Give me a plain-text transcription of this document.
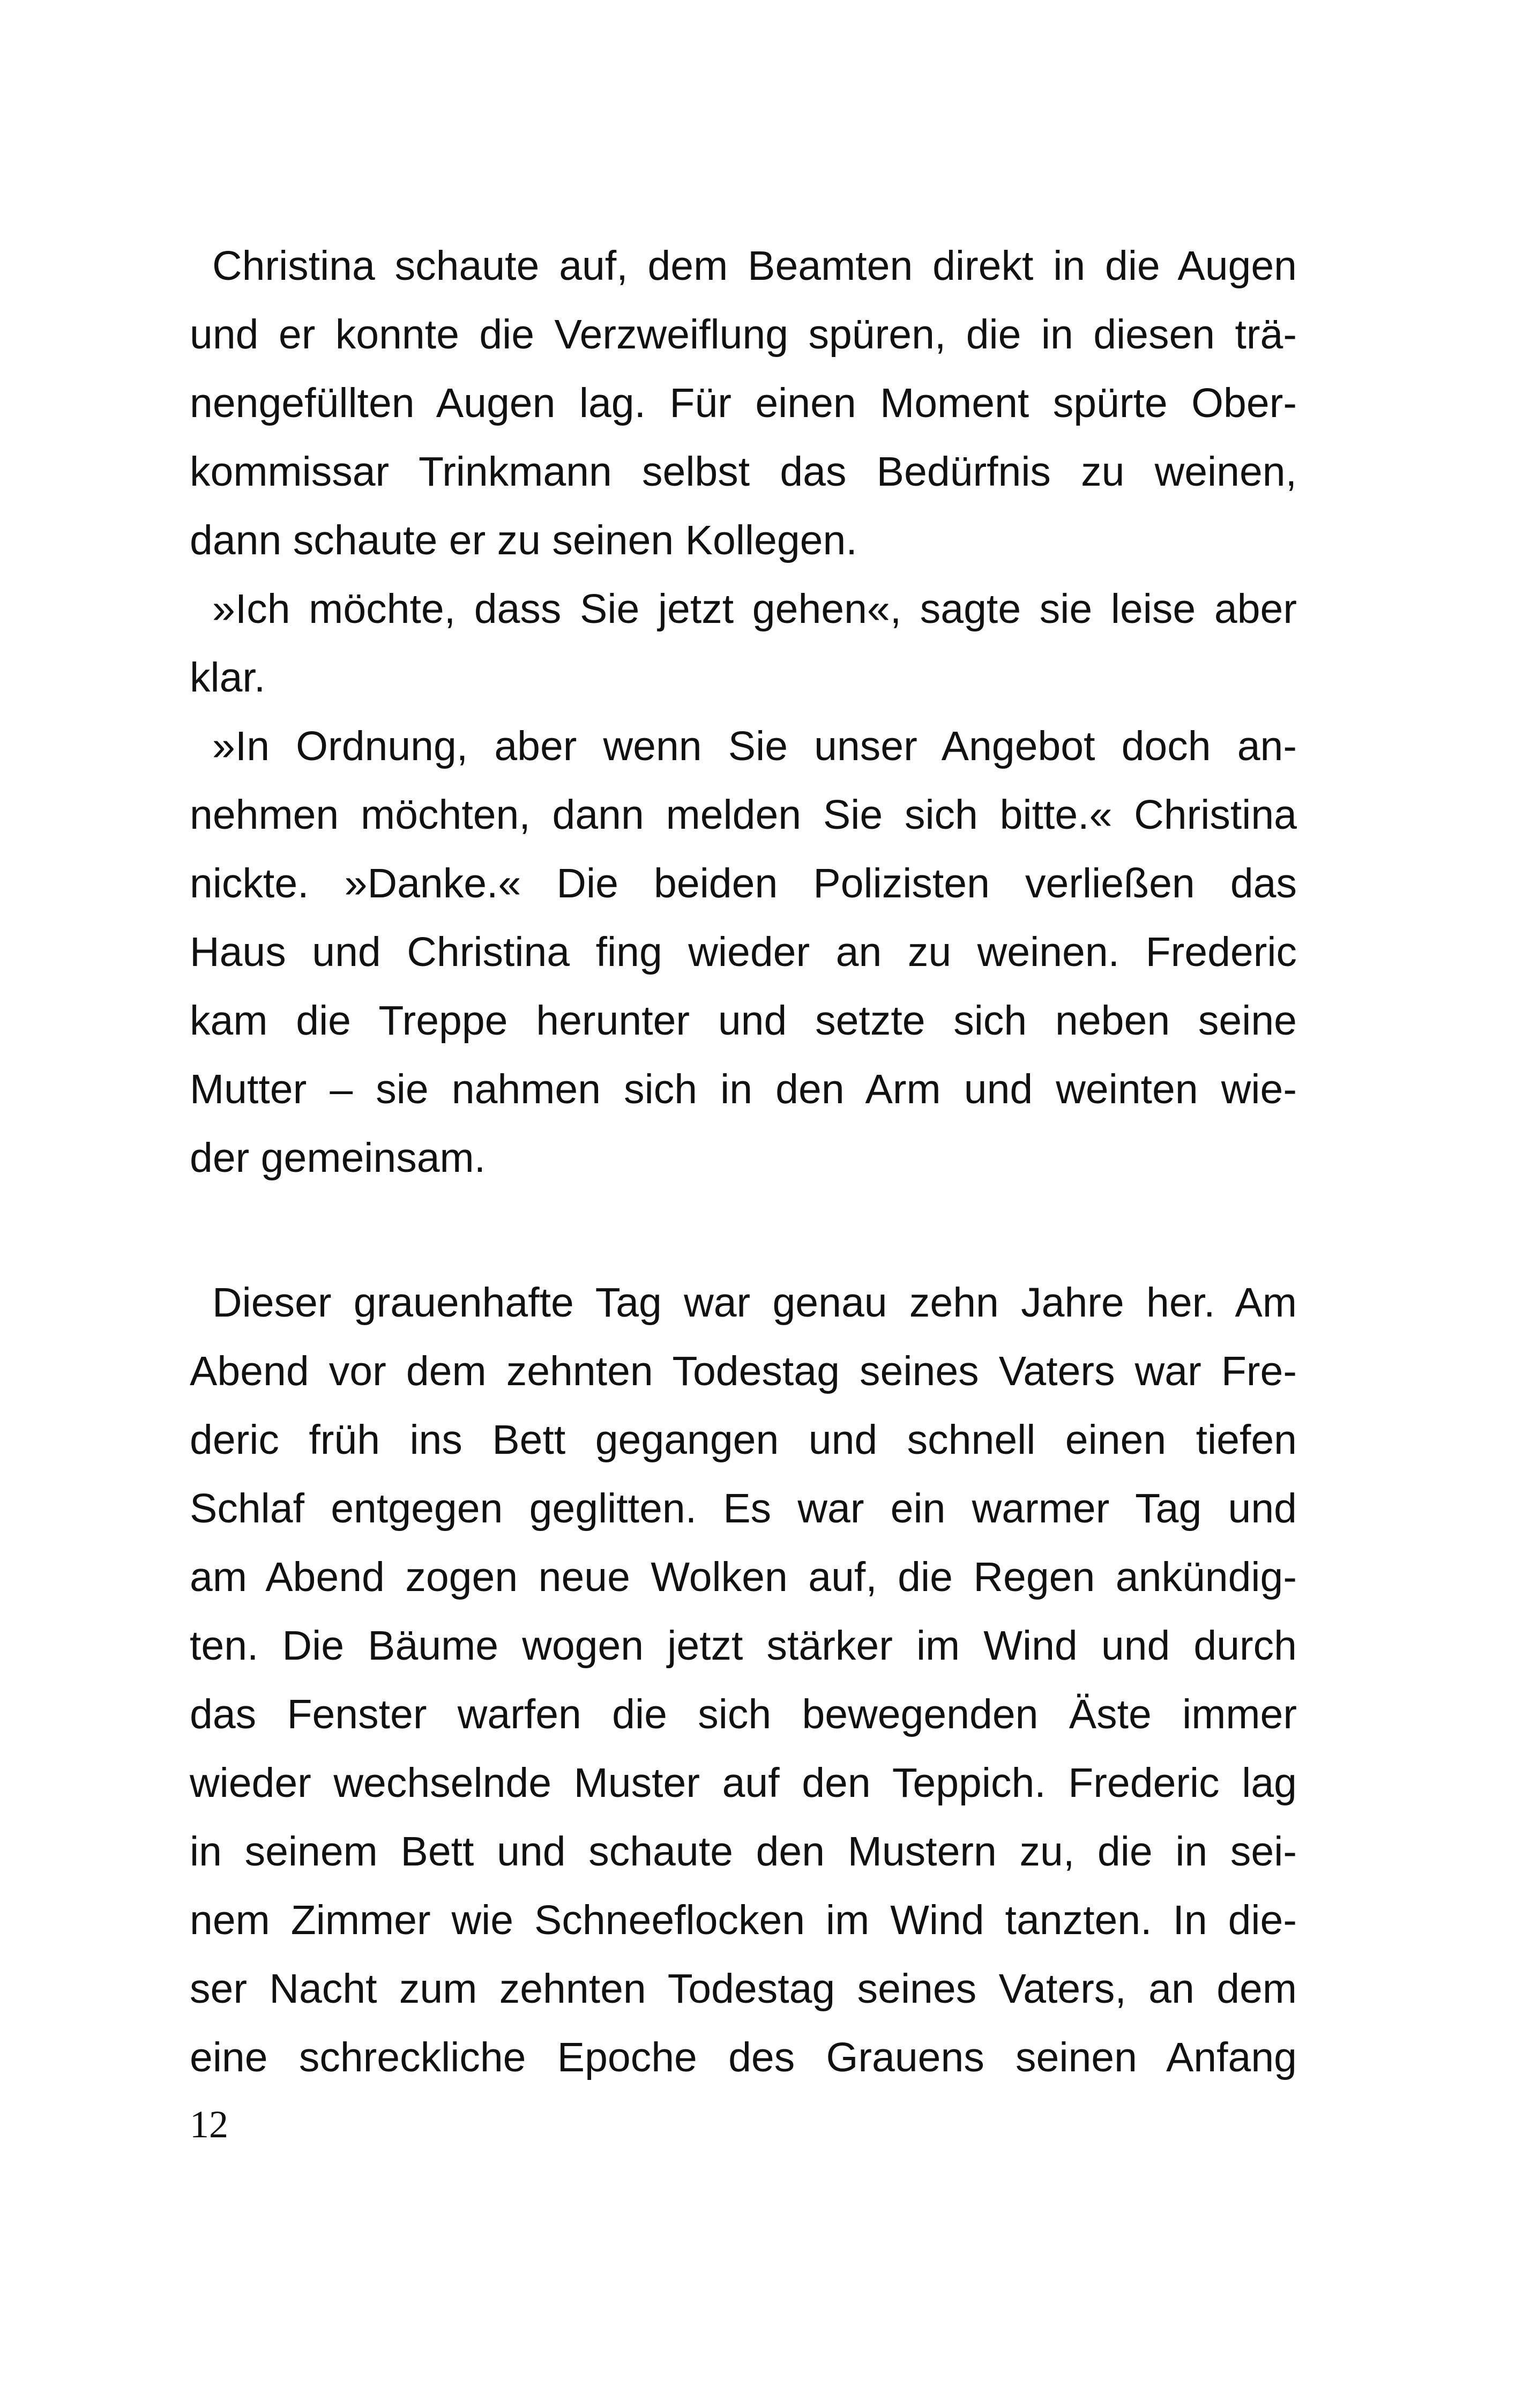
Christina schaute auf, dem Beamten direkt in die Augen
und er konnte die Verzweiflung spüren, die in diesen trä-
nengefüllten Augen lag. Für einen Moment spürte Ober-
kommissar Trinkmann selbst das Bedürfnis zu weinen,
dann schaute er zu seinen Kollegen.
»Ich möchte, dass Sie jetzt gehen«, sagte sie leise aber
klar.
»In Ordnung, aber wenn Sie unser Angebot doch an-
nehmen möchten, dann melden Sie sich bitte.« Christina
nickte. »Danke.« Die beiden Polizisten verließen das
Haus und Christina fing wieder an zu weinen. Frederic
kam die Treppe herunter und setzte sich neben seine
Mutter – sie nahmen sich in den Arm und weinten wie-
der gemeinsam.
Dieser grauenhafte Tag war genau zehn Jahre her. Am
Abend vor dem zehnten Todestag seines Vaters war Fre-
deric früh ins Bett gegangen und schnell einen tiefen
Schlaf entgegen geglitten. Es war ein warmer Tag und
am Abend zogen neue Wolken auf, die Regen ankündig-
ten. Die Bäume wogen jetzt stärker im Wind und durch
das Fenster warfen die sich bewegenden Äste immer
wieder wechselnde Muster auf den Teppich. Frederic lag
in seinem Bett und schaute den Mustern zu, die in sei-
nem Zimmer wie Schneeflocken im Wind tanzten. In die-
ser Nacht zum zehnten Todestag seines Vaters, an dem
eine schreckliche Epoche des Grauens seinen Anfang
12
